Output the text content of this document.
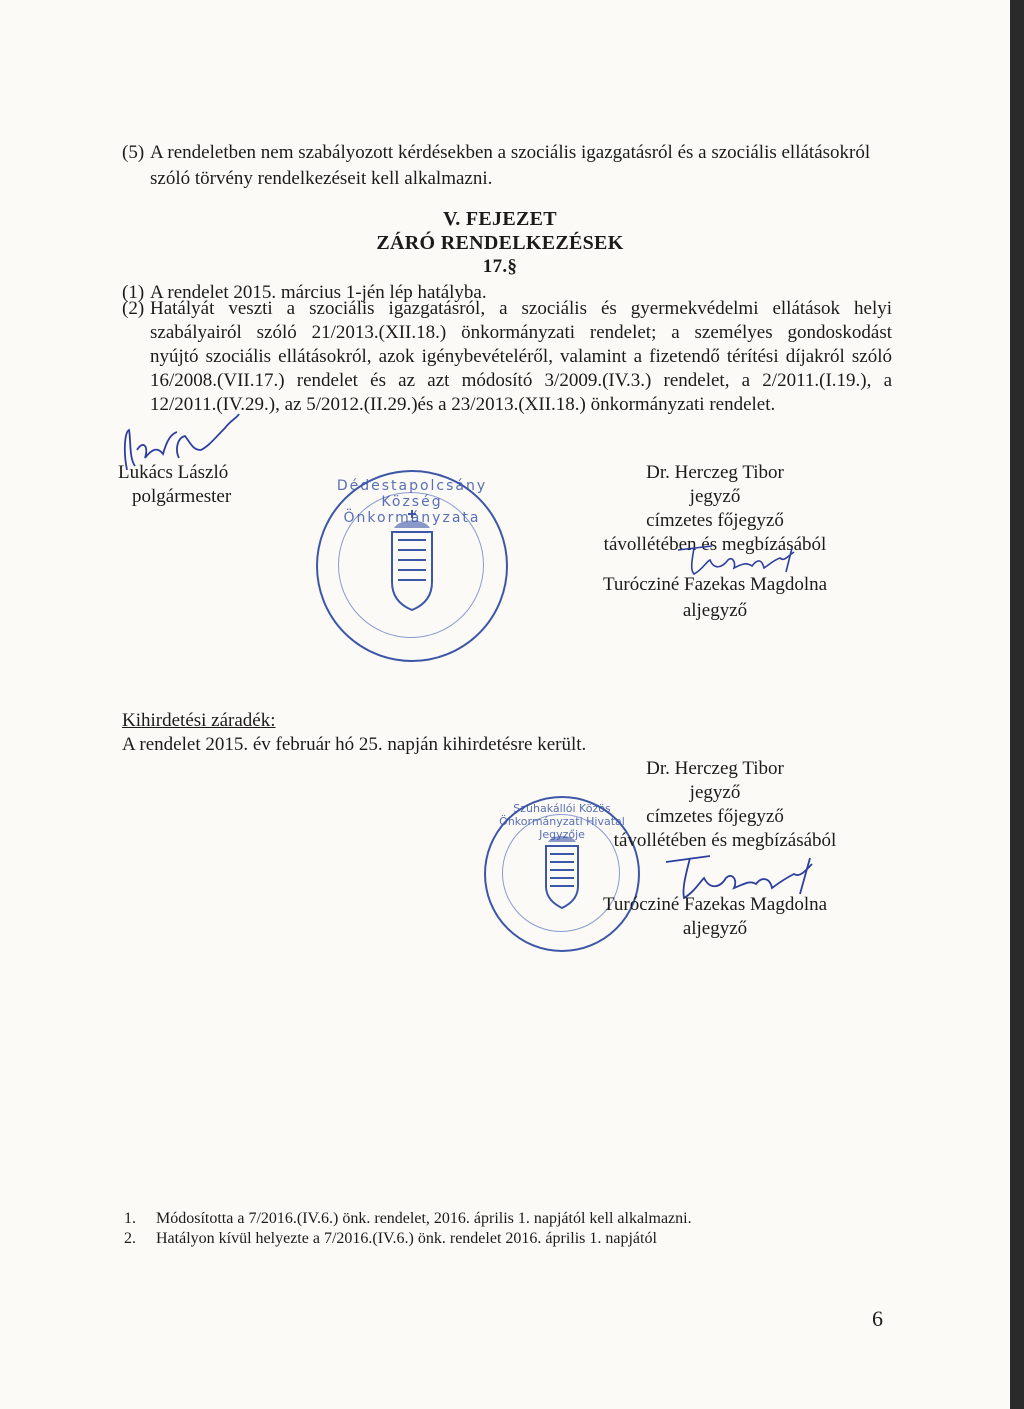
(5) A rendeletben nem szabályozott kérdésekben a szociális igazgatásról és a szociális ellátásokról
szóló törvény rendelkezéseit kell alkalmazni.
V. FEJEZET
ZÁRÓ RENDELKEZÉSEK
17.§
(1) A rendelet 2015. március 1-jén lép hatályba.
(2) Hatályát veszti a szociális igazgatásról, a szociális és gyermekvédelmi ellátások helyi
szabályairól szóló 21/2013.(XII.18.) önkormányzati rendelet; a személyes gondoskodást
nyújtó szociális ellátásokról, azok igénybevételéről, valamint a fizetendő térítési díjakról szóló
16/2008.(VII.17.) rendelet és az azt módosító 3/2009.(IV.3.) rendelet, a 2/2011.(I.19.), a
12/2011.(IV.29.), az 5/2012.(II.29.)és a 23/2013.(XII.18.) önkormányzati rendelet.
Lukács László
polgármester	Dédestapolcsány Község Önkormányzata
Dr. Herczeg Tibor
jegyző
címzetes főjegyző
távollétében és megbízásából
Turócziné Fazekas Magdolna
aljegyző
Kihirdetési záradék:
A rendelet 2015. év február hó 25. napján kihirdetésre került.
Szuhakállói Közös Önkormányzati Hivatal Jegyzője
Dr. Herczeg Tibor
jegyző
címzetes főjegyző
távollétében és megbízásából
Turócziné Fazekas Magdolna
aljegyző
1. Módosította a 7/2016.(IV.6.) önk. rendelet, 2016. április 1. napjától kell alkalmazni.
2. Hatályon kívül helyezte a 7/2016.(IV.6.) önk. rendelet 2016. április 1. napjától
6
